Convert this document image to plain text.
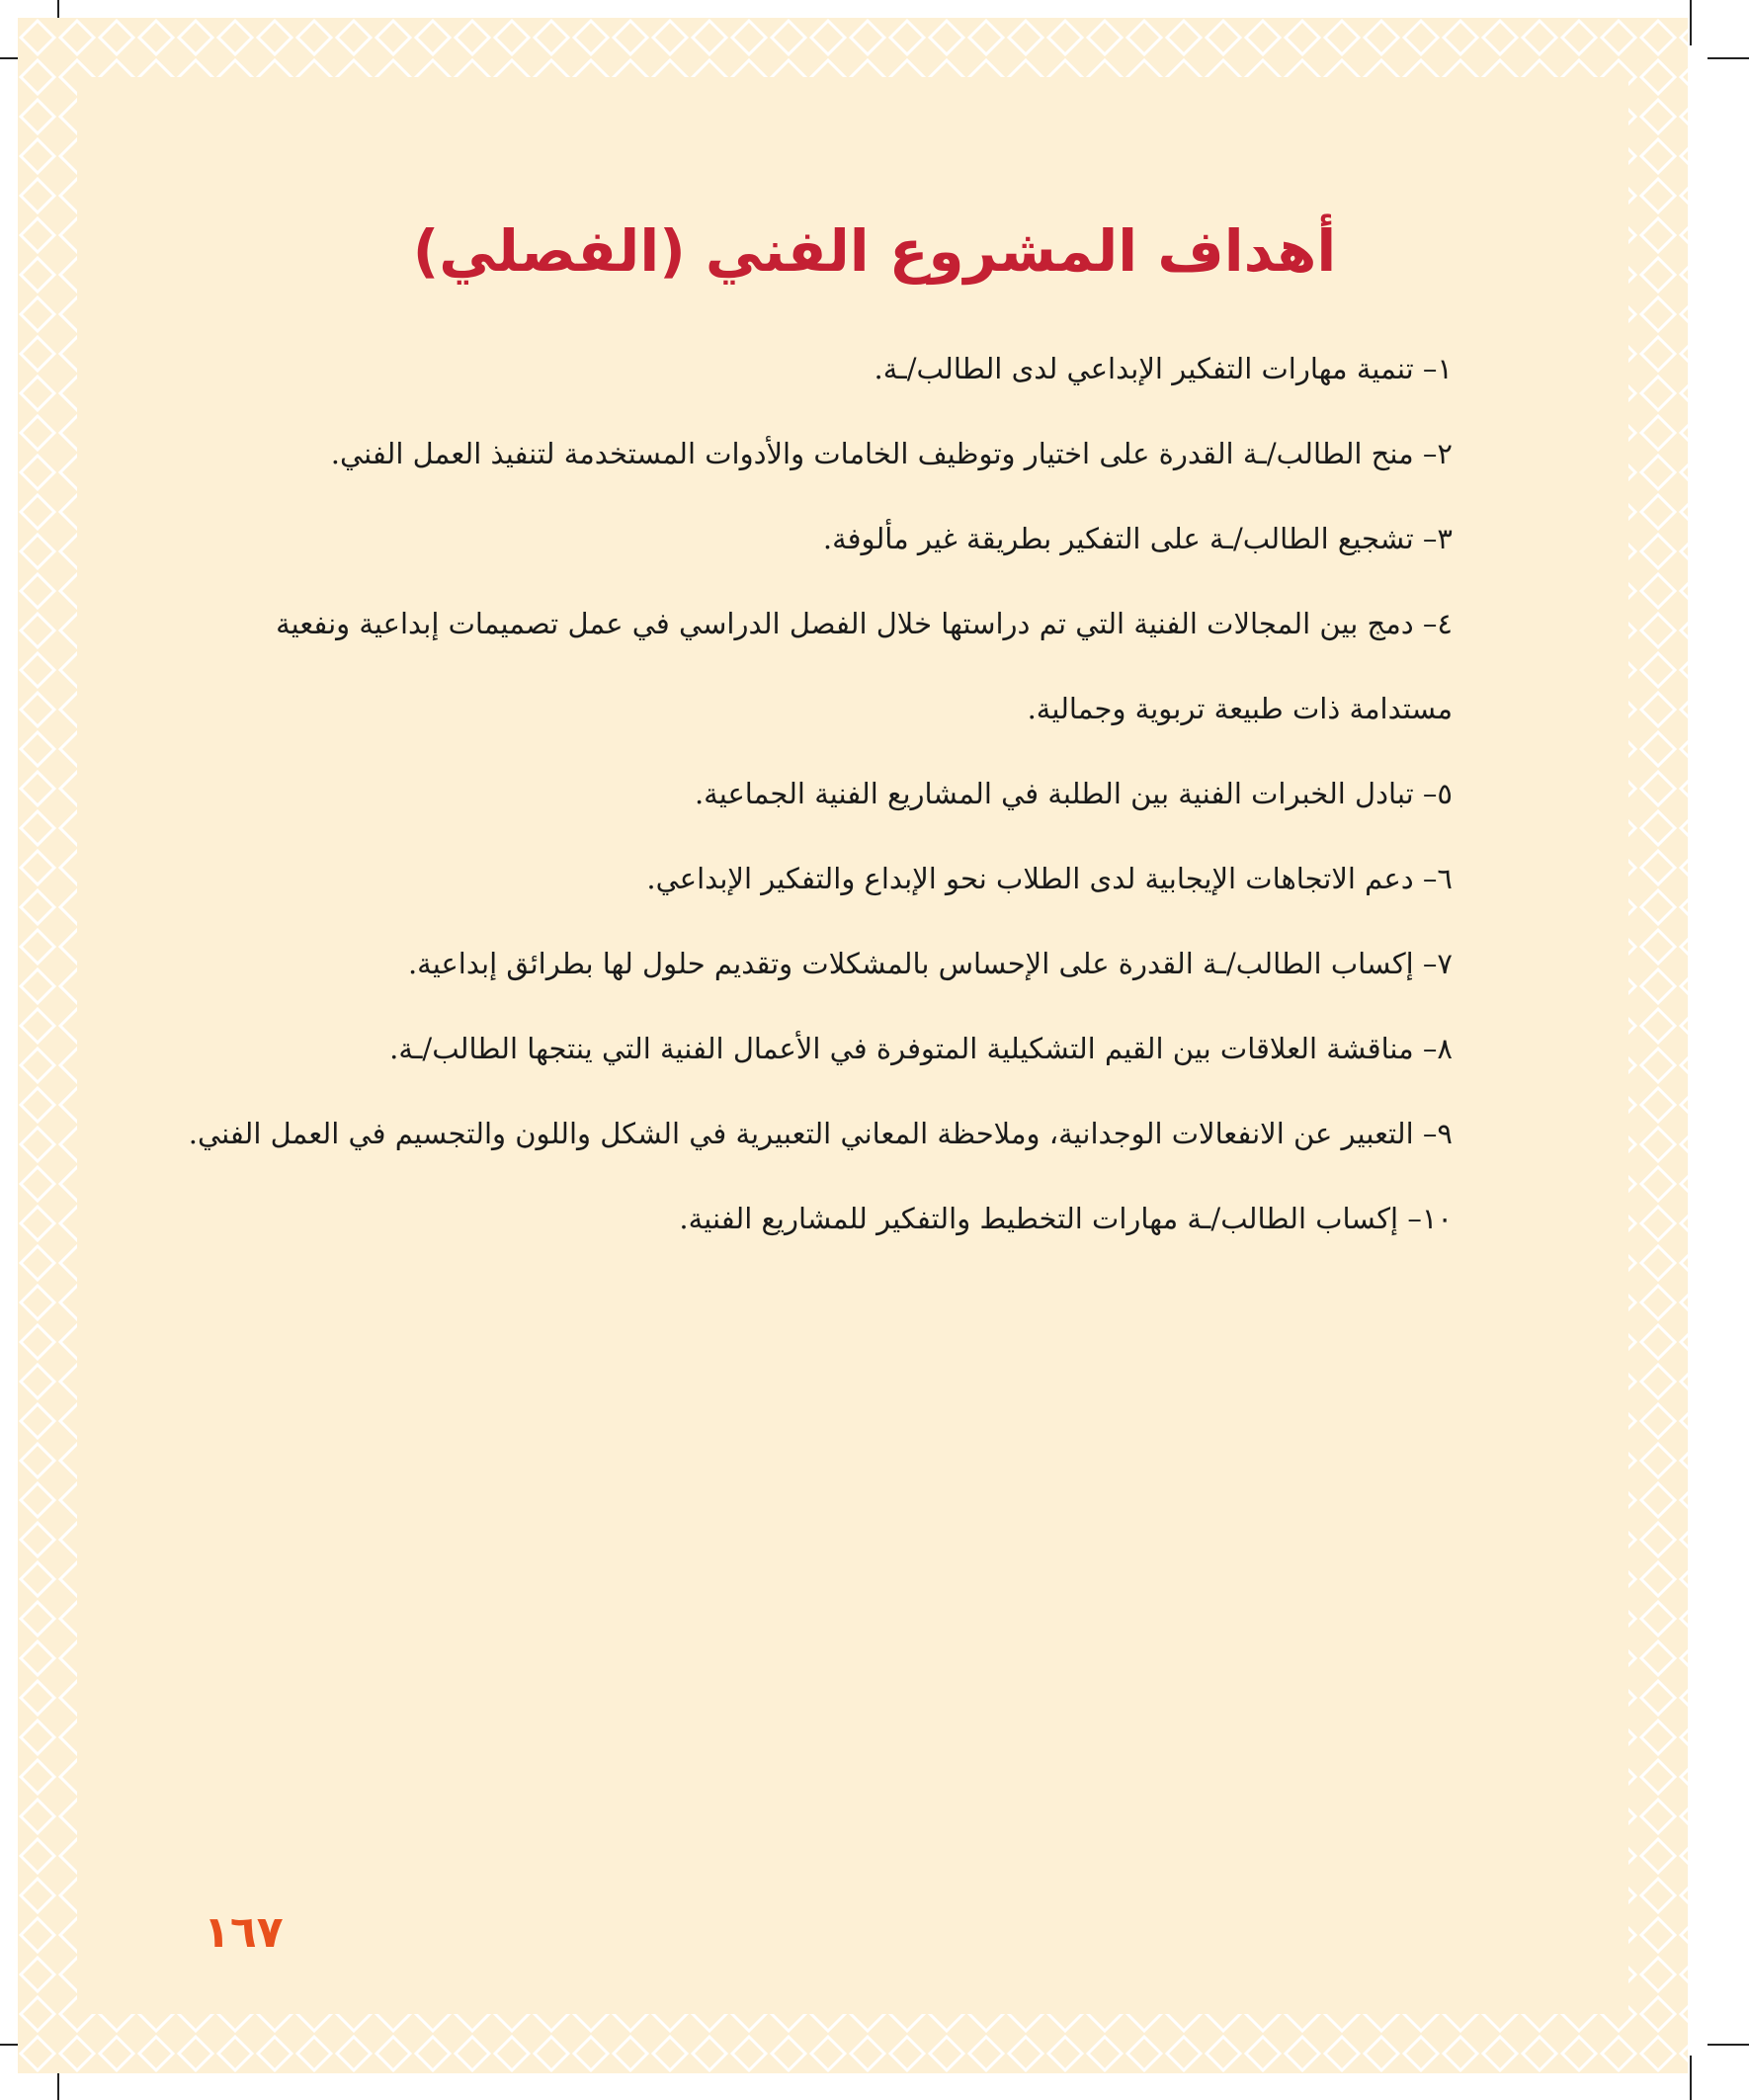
أهداف المشروع الفني (الفصلي)
١– تنمية مهارات التفكير الإبداعي لدى الطالب/ـة.
٢– منح الطالب/ـة القدرة على اختيار وتوظيف الخامات والأدوات المستخدمة لتنفيذ العمل الفني.
٣– تشجيع الطالب/ـة على التفكير بطريقة غير مألوفة.
٤– دمج بين المجالات الفنية التي تم دراستها خلال الفصل الدراسي في عمل تصميمات إبداعية ونفعية مستدامة ذات طبيعة تربوية وجمالية.
٥– تبادل الخبرات الفنية بين الطلبة في المشاريع الفنية الجماعية.
٦– دعم الاتجاهات الإيجابية لدى الطلاب نحو الإبداع والتفكير الإبداعي.
٧– إكساب الطالب/ـة القدرة على الإحساس بالمشكلات وتقديم حلول لها بطرائق إبداعية.
٨– مناقشة العلاقات بين القيم التشكيلية المتوفرة في الأعمال الفنية التي ينتجها الطالب/ـة.
٩– التعبير عن الانفعالات الوجدانية، وملاحظة المعاني التعبيرية في الشكل واللون والتجسيم في العمل الفني.
١٠– إكساب الطالب/ـة مهارات التخطيط والتفكير للمشاريع الفنية.
١٦٧
